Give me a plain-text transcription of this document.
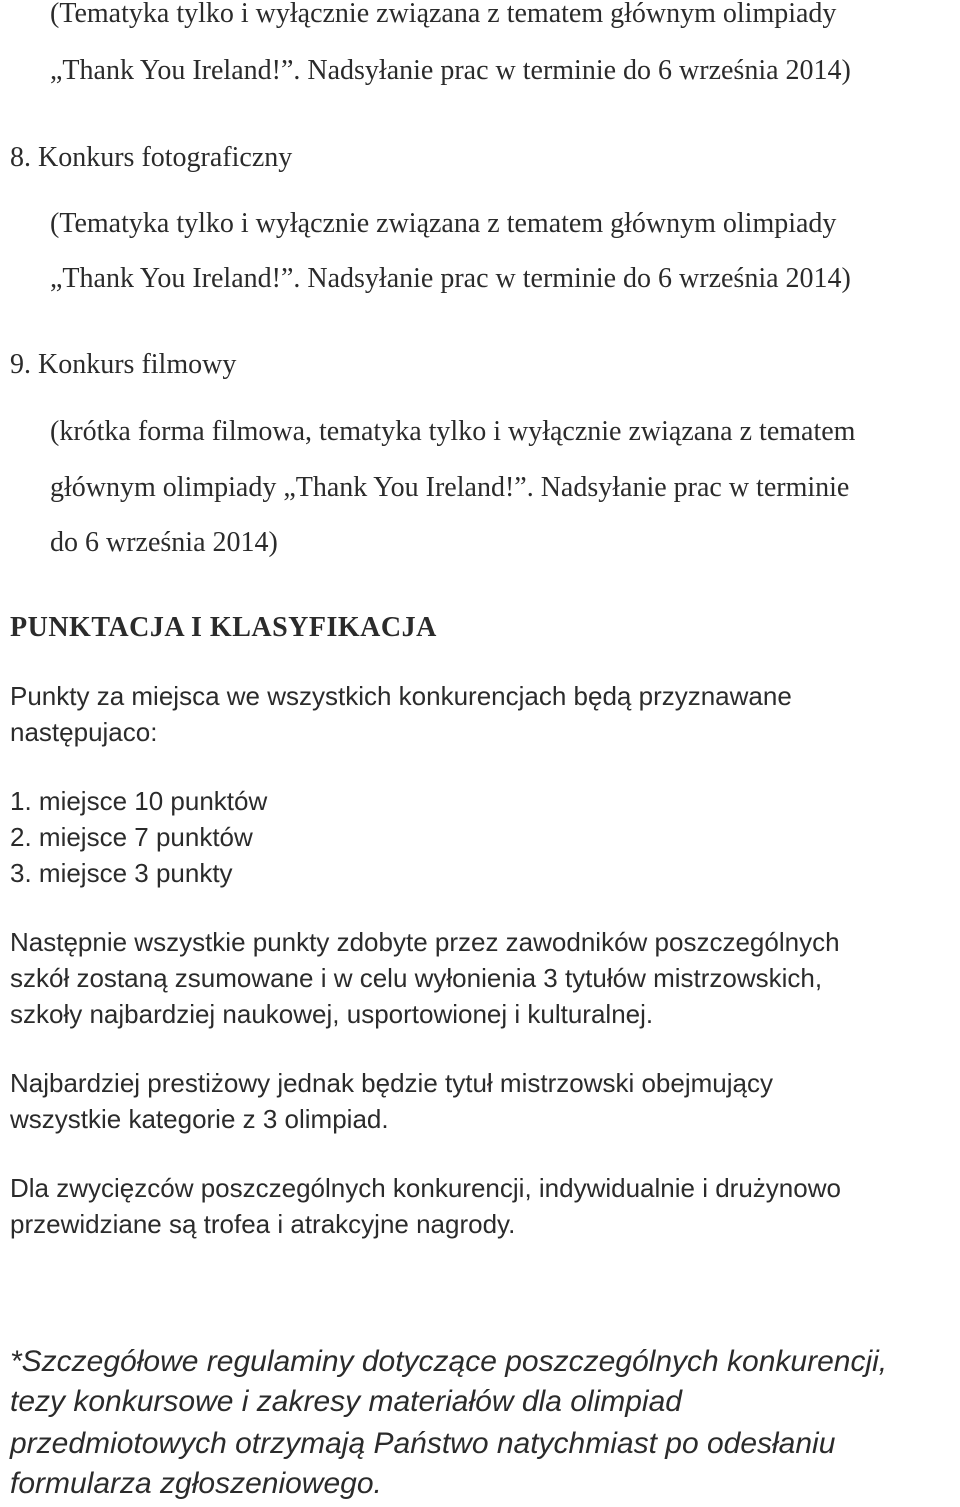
(Tematyka tylko i wyłącznie związana z tematem głównym olimpiady

„Thank You Ireland!”. Nadsyłanie prac w terminie do 6 września 2014)

8. Konkurs fotograficzny

(Tematyka tylko i wyłącznie związana z tematem głównym olimpiady

„Thank You Ireland!”. Nadsyłanie prac w terminie do 6 września 2014)

9. Konkurs filmowy

(krótka forma filmowa, tematyka tylko i wyłącznie związana z tematem

głównym olimpiady „Thank You Ireland!”. Nadsyłanie prac w terminie

do 6 września 2014)

PUNKTACJA I KLASYFIKACJA

Punkty za miejsca we wszystkich konkurencjach będą przyznawane

następujaco:

1. miejsce 10 punktów

2. miejsce 7 punktów

3. miejsce 3 punkty

Następnie wszystkie punkty zdobyte przez zawodników poszczególnych

szkół zostaną zsumowane i w celu wyłonienia 3 tytułów mistrzowskich,

szkoły najbardziej naukowej, usportowionej i kulturalnej.

Najbardziej prestiżowy jednak będzie tytuł mistrzowski obejmujący

wszystkie kategorie z 3 olimpiad.

Dla zwycięzców poszczególnych konkurencji, indywidualnie i drużynowo

przewidziane są trofea i atrakcyjne nagrody.

*Szczegółowe regulaminy dotyczące poszczególnych konkurencji,

tezy konkursowe i zakresy materiałów dla olimpiad

przedmiotowych otrzymają Państwo natychmiast po odesłaniu

formularza zgłoszeniowego.
